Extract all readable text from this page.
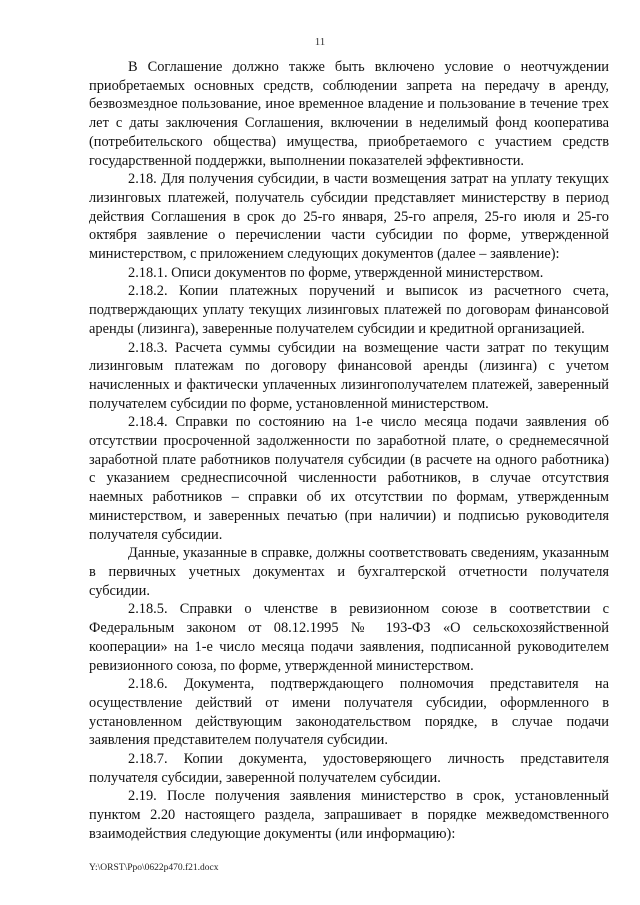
11

В Соглашение должно также быть включено условие о неотчуждении приобретаемых основных средств, соблюдении запрета на передачу в аренду, безвозмездное пользование, иное временное владение и пользование в течение трех лет с даты заключения Соглашения, включении в неделимый фонд кооператива (потребительского общества) имущества, приобретаемого с участием средств государственной поддержки, выполнении показателей эффективности.

2.18. Для получения субсидии, в части возмещения затрат на уплату текущих лизинговых платежей, получатель субсидии представляет министерству в период действия Соглашения в срок до 25-го января, 25-го апреля, 25-го июля и 25-го октября заявление о перечислении части субсидии по форме, утвержденной министерством, с приложением следующих документов (далее – заявление):

2.18.1. Описи документов по форме, утвержденной министерством.

2.18.2. Копии платежных поручений и выписок из расчетного счета, подтверждающих уплату текущих лизинговых платежей по договорам финансовой аренды (лизинга), заверенные получателем субсидии и кредитной организацией.

2.18.3. Расчета суммы субсидии на возмещение части затрат по текущим лизинговым платежам по договору финансовой аренды (лизинга) с учетом начисленных и фактически уплаченных лизингополучателем платежей, заверенный получателем субсидии по форме, установленной министерством.

2.18.4. Справки по состоянию на 1-е число месяца подачи заявления об отсутствии просроченной задолженности по заработной плате, о среднемесячной заработной плате работников получателя субсидии (в расчете на одного работника) с указанием среднесписочной численности работников, в случае отсутствия наемных работников – справки об их отсутствии по формам, утвержденным министерством, и заверенных печатью (при наличии) и подписью руководителя получателя субсидии.

Данные, указанные в справке, должны соответствовать сведениям, указанным в первичных учетных документах и бухгалтерской отчетности получателя субсидии.

2.18.5. Справки о членстве в ревизионном союзе в соответствии с Федеральным законом от 08.12.1995 № 193-ФЗ «О сельскохозяйственной кооперации» на 1-е число месяца подачи заявления, подписанной руководителем ревизионного союза, по форме, утвержденной министерством.

2.18.6. Документа, подтверждающего полномочия представителя на осуществление действий от имени получателя субсидии, оформленного в установленном действующим законодательством порядке, в случае подачи заявления представителем получателя субсидии.

2.18.7. Копии документа, удостоверяющего личность представителя получателя субсидии, заверенной получателем субсидии.

2.19. После получения заявления министерство в срок, установленный пунктом 2.20 настоящего раздела, запрашивает в порядке межведомственного взаимодействия следующие документы (или информацию):

Y:\ORST\Ppo\0622p470.f21.docx
